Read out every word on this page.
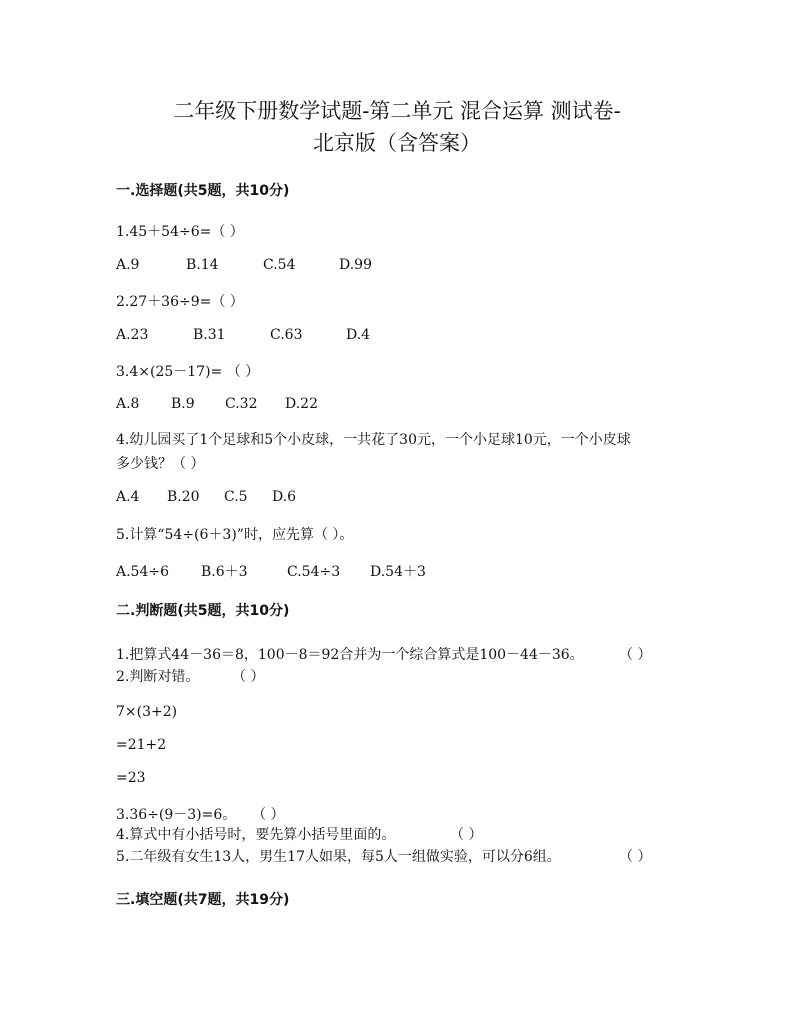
二年级下册数学试题-第二单元 混合运算 测试卷-
北京版（含答案）
一.选择题(共5题，共10分)
1.45＋54÷6=（ ）
A.9	B.14	C.54	D.99
2.27＋36÷9=（ ）
A.23	B.31	C.63	D.4
3.4×(25－17)= （ ）
A.8 B.9 C.32 D.22
4.幼儿园买了1个足球和5个小皮球，一共花了30元，一个小足球10元，一个小皮球
多少钱？（ ）
A.4 B.20 C.5 D.6
5.计算“54÷(6＋3)”时，应先算（ ）。
A.54÷6 B.6＋3	C.54÷3 D.54＋3
二.判断题(共5题，共10分)
1.把算式44－36＝8，100－8＝92合并为一个综合算式是100－44－36。	（ ）
2.判断对错。 （ ）
7×(3+2)
=21+2
=23
3.36÷(9－3)=6。 （ ）
4.算式中有小括号时，要先算小括号里面的。	（ ）
5.二年级有女生13人，男生17人如果，每5人一组做实验，可以分6组。	（ ）
三.填空题(共7题，共19分)
